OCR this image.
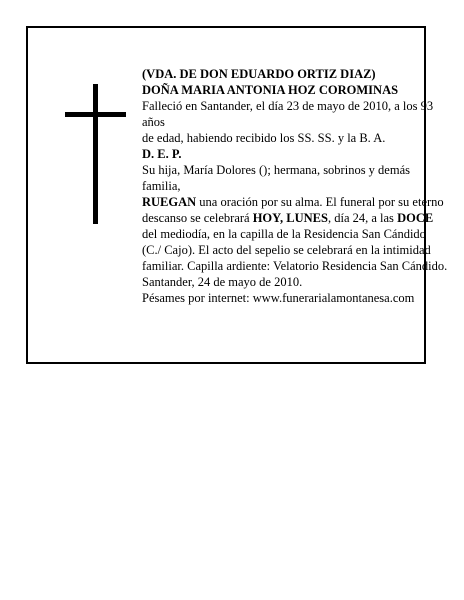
(VDA. DE DON EDUARDO ORTIZ DIAZ)

DOÑA MARIA ANTONIA HOZ COROMINAS

Falleció en Santander, el día 23 de mayo de 2010, a los 93 años

de edad, habiendo recibido los SS. SS. y la B. A.

D. E. P.

Su hija, María Dolores (); hermana, sobrinos y demás familia,

RUEGAN una oración por su alma. El funeral por su eterno descanso se celebrará HOY, LUNES, día 24, a las DOCE del mediodía, en la capilla de la Residencia San Cándido (C./ Cajo). El acto del sepelio se celebrará en la intimidad familiar. Capilla ardiente: Velatorio Residencia San Cándido.

Santander, 24 de mayo de 2010.

Pésames por internet: www.funerarialamontanesa.com
